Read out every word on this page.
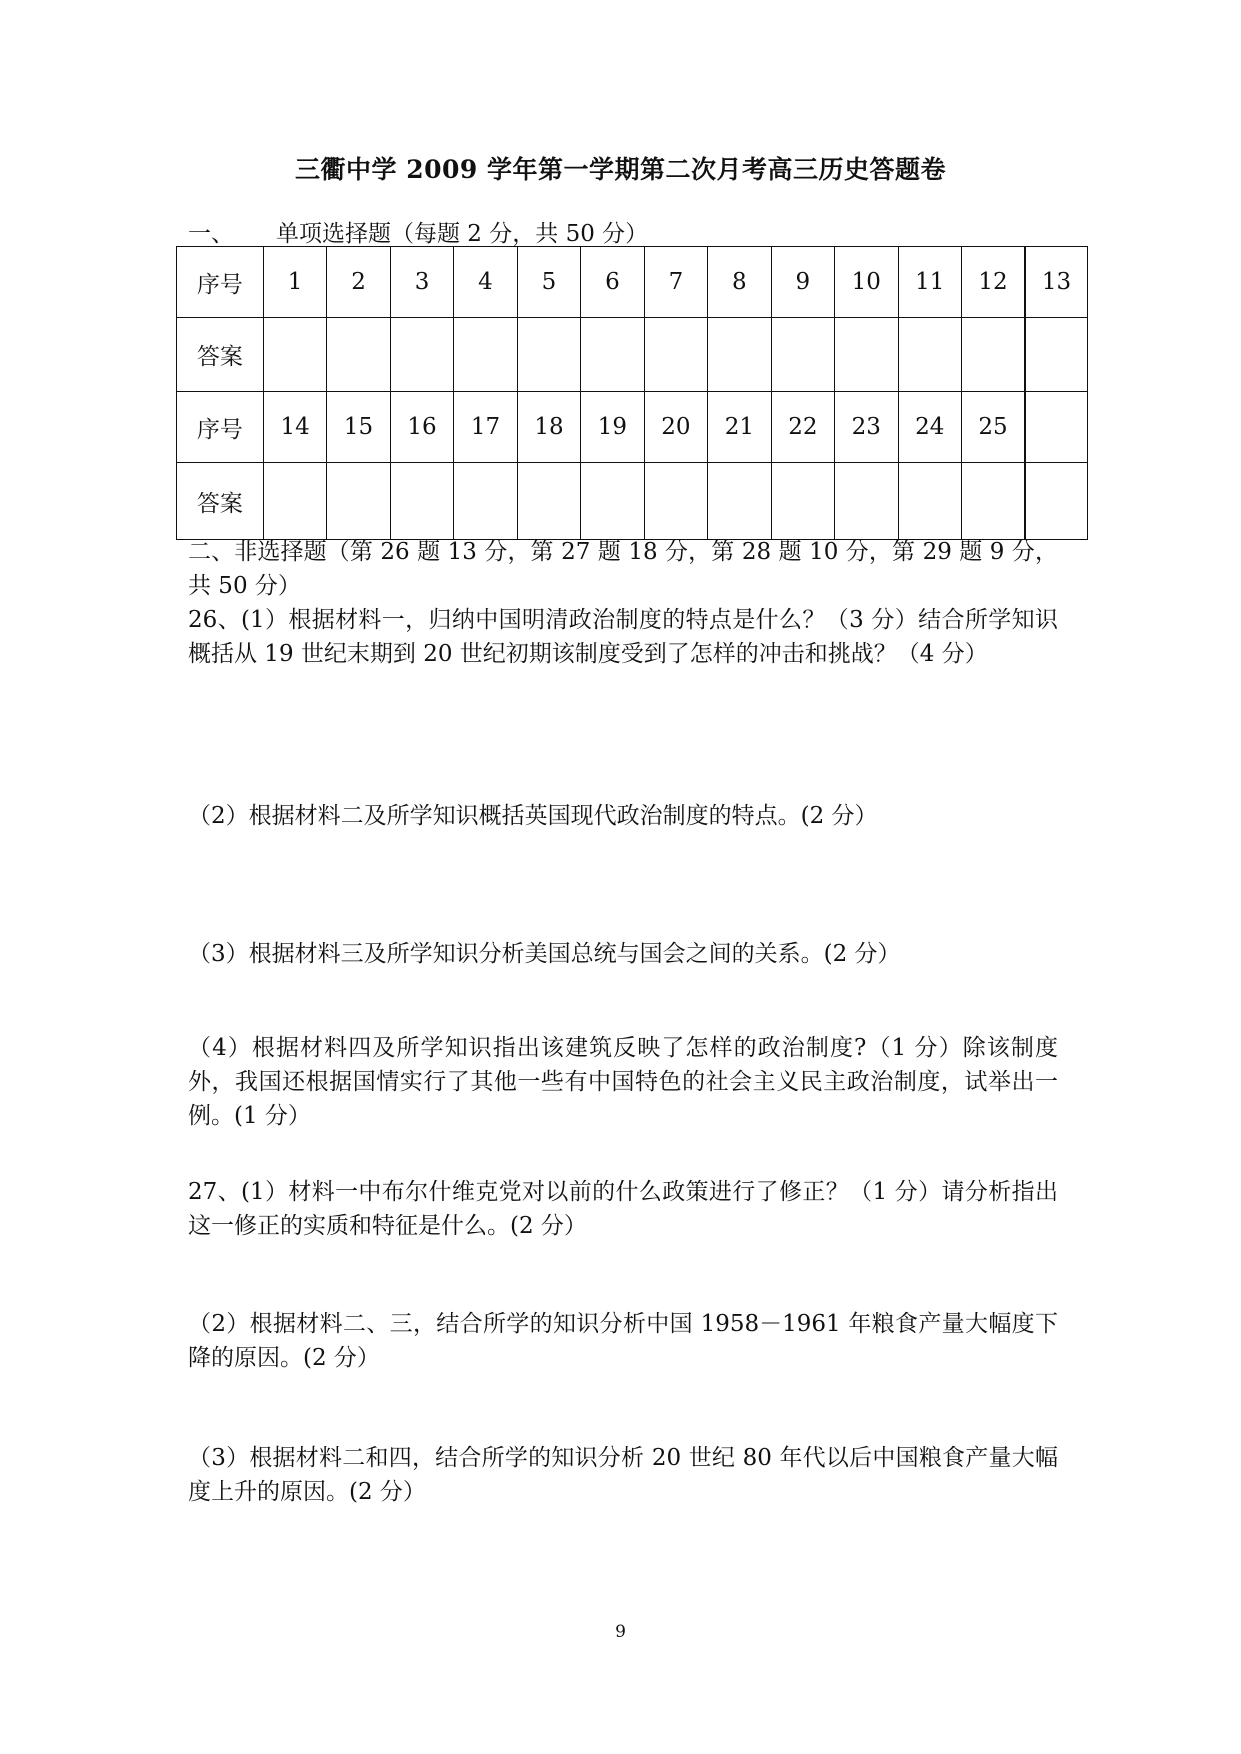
三衢中学 2009 学年第一学期第二次月考高三历史答题卷
一、 单项选择题（每题 2 分，共 50 分）
序号	1	2	3	4	5	6	7	8	9	10	11	12	13
答案													
序号	14	15	16	17	18	19	20	21	22	23	24	25	
答案													
二、非选择题（第 26 题 13 分，第 27 题 18 分，第 28 题 10 分，第 29 题 9 分，共 50 分）
26、(1）根据材料一，归纳中国明清政治制度的特点是什么？（3 分）结合所学知识概括从 19 世纪末期到 20 世纪初期该制度受到了怎样的冲击和挑战？（4 分）
（2）根据材料二及所学知识概括英国现代政治制度的特点。(2 分）
（3）根据材料三及所学知识分析美国总统与国会之间的关系。(2 分）
（4）根据材料四及所学知识指出该建筑反映了怎样的政治制度?（1 分）除该制度外，我国还根据国情实行了其他一些有中国特色的社会主义民主政治制度，试举出一例。(1 分）
27、(1）材料一中布尔什维克党对以前的什么政策进行了修正？（1 分）请分析指出这一修正的实质和特征是什么。(2 分）
（2）根据材料二、三，结合所学的知识分析中国 1958－1961 年粮食产量大幅度下降的原因。(2 分）
（3）根据材料二和四，结合所学的知识分析 20 世纪 80 年代以后中国粮食产量大幅度上升的原因。(2 分）
9
